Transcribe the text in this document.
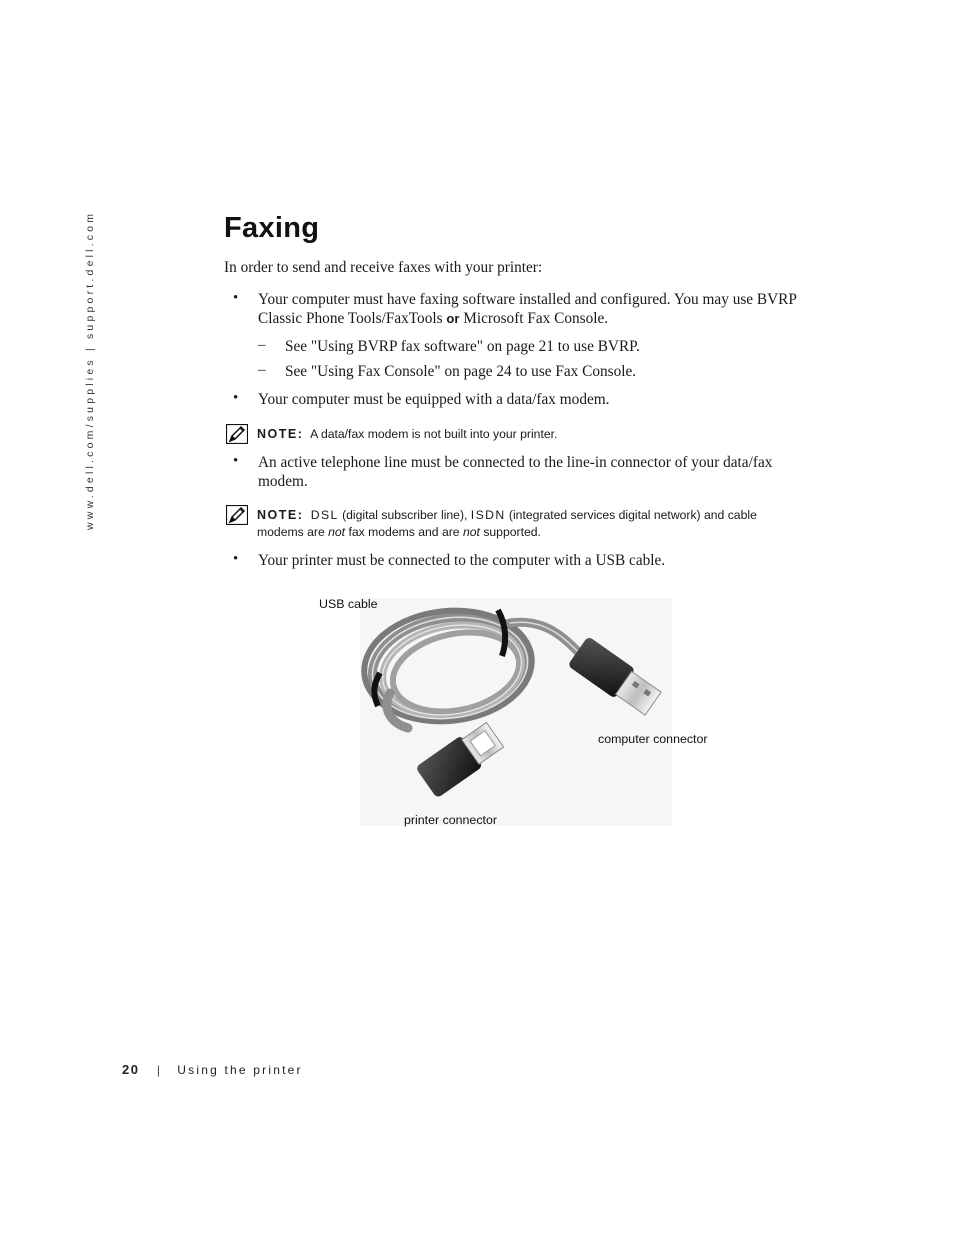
www.dell.com/supplies | support.dell.com	Faxing
In order to send and receive faxes with your printer:
• Your computer must have faxing software installed and configured. You may use BVRP Classic Phone Tools/FaxTools or Microsoft Fax Console.
– See "Using BVRP fax software" on page 21 to use BVRP.
– See "Using Fax Console" on page 24 to use Fax Console.
• Your computer must be equipped with a data/fax modem.
NOTE: A data/fax modem is not built into your printer.
• An active telephone line must be connected to the line-in connector of your data/fax modem.
NOTE: DSL (digital subscriber line), ISDN (integrated services digital network) and cable modems are not fax modems and are not supported.
• Your printer must be connected to the computer with a USB cable.
USB cable
computer connector
printer connector
20 | Using the printer
